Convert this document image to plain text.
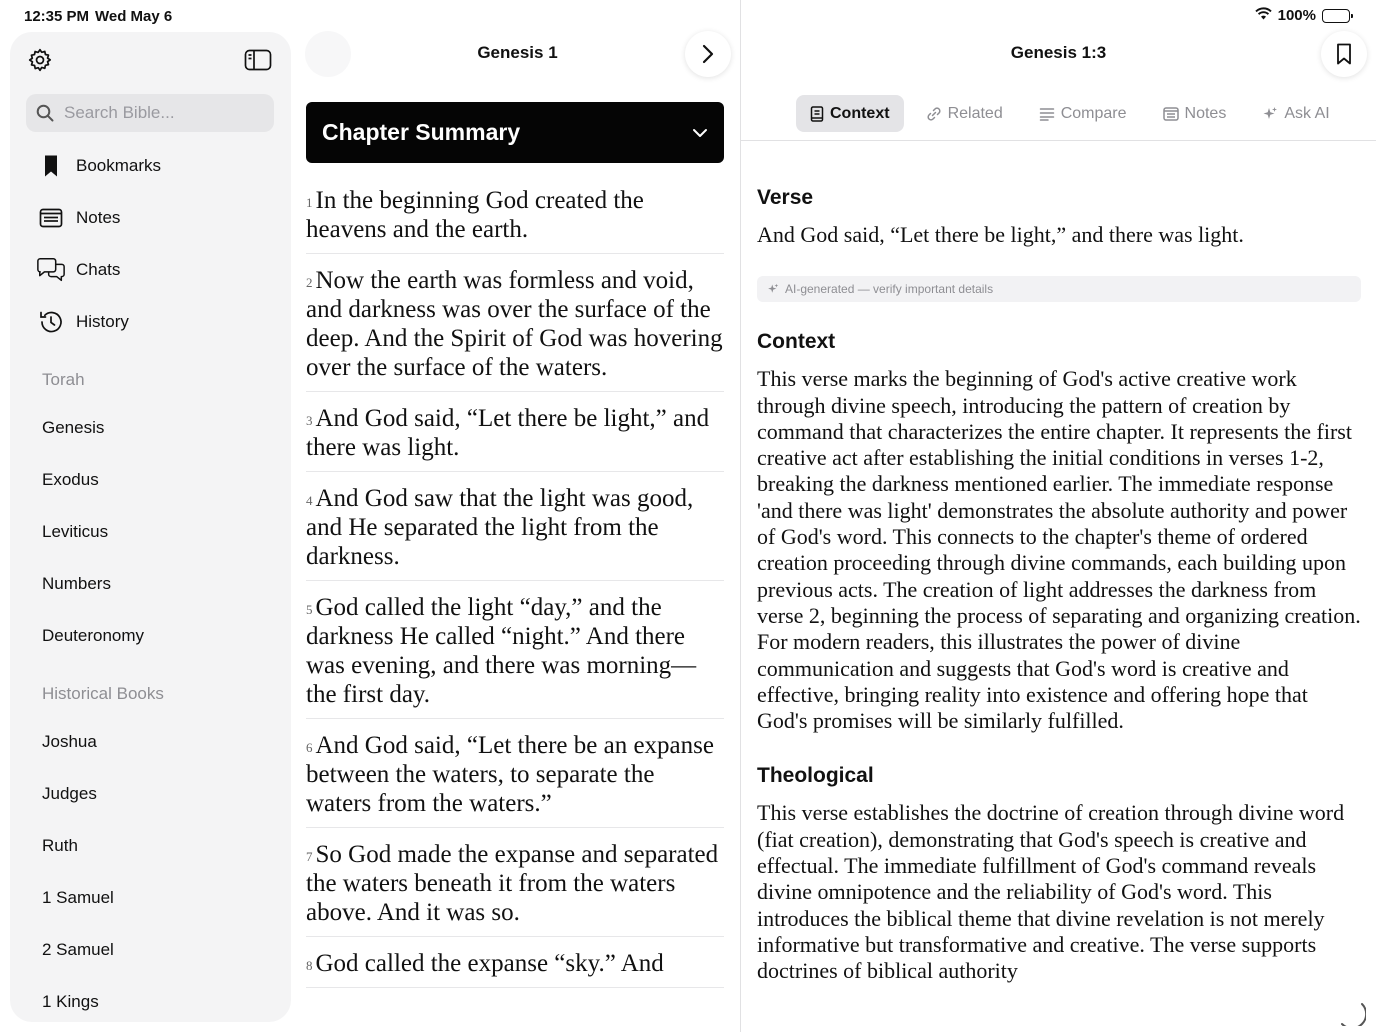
12:35 PM Wed May 6	100%
Search Bible...
Bookmarks
Notes
Chats
History
Torah
Genesis
Exodus
Leviticus
Numbers
Deuteronomy
Historical Books
Joshua
Judges
Ruth
1 Samuel
2 Samuel
1 Kings
Genesis 1
Chapter Summary
$^1$ In the beginning God created the heavens and the earth.
$^2$ Now the earth was formless and void, and darkness was over the surface of the deep. And the Spirit of God was hovering over the surface of the waters.
$^3$ And God said, “Let there be light,” and there was light.
$^4$ And God saw that the light was good, and He separated the light from the darkness.
$^5$ God called the light “day,” and the darkness He called “night.” And there was evening, and there was morning—the first day.
$^6$ And God said, “Let there be an expanse between the waters, to separate the waters from the waters.”
$^7$ So God made the expanse and separated the waters beneath it from the waters above. And it was so.
$^8$ God called the expanse “sky.” And
Genesis 1:3
Context	Related	Compare	Notes	Ask AI
Verse
And God said, “Let there be light,” and there was light.
AI-generated — verify important details
Context
This verse marks the beginning of God's active creative work through divine speech, introducing the pattern of creation by command that characterizes the entire chapter. It represents the first creative act after establishing the initial conditions in verses 1-2, breaking the darkness mentioned earlier. The immediate response 'and there was light' demonstrates the absolute authority and power of God's word. This connects to the chapter's theme of ordered creation proceeding through divine commands, each building upon previous acts. The creation of light addresses the darkness from verse 2, beginning the process of separating and organizing creation. For modern readers, this illustrates the power of divine communication and suggests that God's word is creative and effective, bringing reality into existence and offering hope that God's promises will be similarly fulfilled.
Theological
This verse establishes the doctrine of creation through divine word (fiat creation), demonstrating that God's speech is creative and effectual. The immediate fulfillment of God's command reveals divine omnipotence and the reliability of God's word. This introduces the biblical theme that divine revelation is not merely informative but transformative and creative. The verse supports doctrines of biblical authority
